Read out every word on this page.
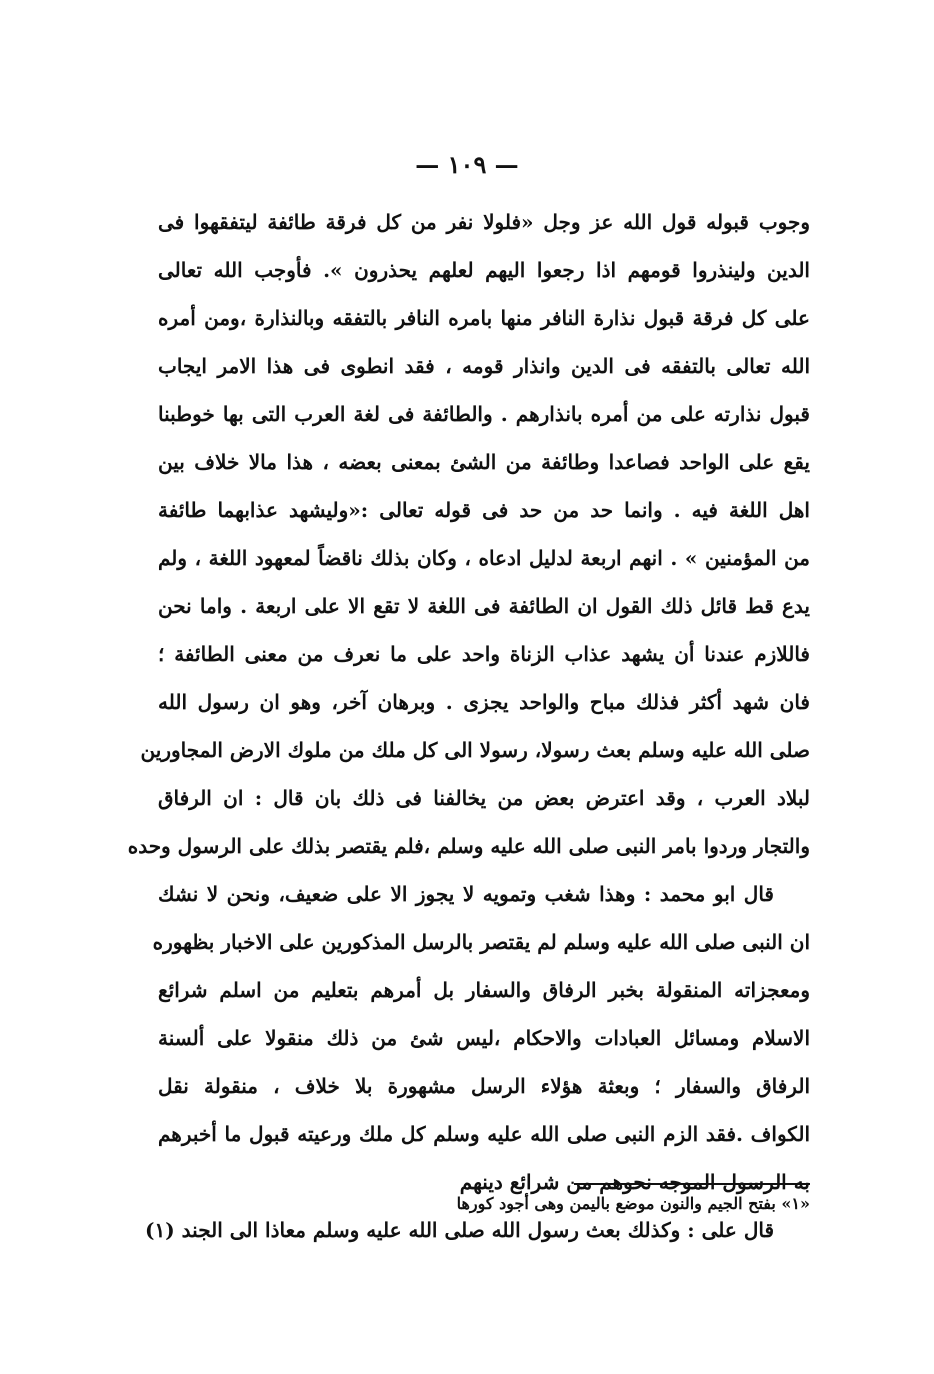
— ١٠٩ —
وجوب قبوله قول الله عز وجل «فلولا نفر من كل فرقة طائفة ليتفقهوا فى
الدين ولينذروا قومهم اذا رجعوا اليهم لعلهم يحذرون ». فأوجب الله تعالى
على كل فرقة قبول نذارة النافر منها بامره النافر بالتفقه وبالنذارة ،ومن أمره
الله تعالى بالتفقه فى الدين وانذار قومه ، فقد انطوى فى هذا الامر ايجاب
قبول نذارته على من أمره بانذارهم . والطائفة فى لغة العرب التى بها خوطبنا
يقع على الواحد فصاعدا وطائفة من الشئ بمعنى بعضه ، هذا مالا خلاف بين
اهل اللغة فيه . وانما حد من حد فى قوله تعالى :«وليشهد عذابهما طائفة
من المؤمنين » . انهم اربعة لدليل ادعاه ، وكان بذلك ناقضاً لمعهود اللغة ، ولم
يدع قط قائل ذلك القول ان الطائفة فى اللغة لا تقع الا على اربعة . واما نحن
فاللازم عندنا أن يشهد عذاب الزناة واحد على ما نعرف من معنى الطائفة ؛
فان شهد أكثر فذلك مباح والواحد يجزى . وبرهان آخر، وهو ان رسول الله
صلى الله عليه وسلم بعث رسولا، رسولا الى كل ملك من ملوك الارض المجاورين
لبلاد العرب ، وقد اعترض بعض من يخالفنا فى ذلك بان قال : ان الرفاق
والتجار وردوا بامر النبى صلى الله عليه وسلم ،فلم يقتصر بذلك على الرسول وحده
قال ابو محمد : وهذا شغب وتمويه لا يجوز الا على ضعيف، ونحن لا نشك
ان النبى صلى الله عليه وسلم لم يقتصر بالرسل المذكورين على الاخبار بظهوره
ومعجزاته المنقولة بخبر الرفاق والسفار بل أمرهم بتعليم من اسلم شرائع
الاسلام ومسائل العبادات والاحكام ،ليس شئ من ذلك منقولا على ألسنة
الرفاق والسفار ؛ وبعثة هؤلاء الرسل مشهورة بلا خلاف ، منقولة نقل
الكواف .فقد الزم النبى صلى الله عليه وسلم كل ملك ورعيته قبول ما أخبرهم
به الرسول الموجه نحوهم من شرائع دينهم
قال على : وكذلك بعث رسول الله صلى الله عليه وسلم معاذا الى الجند (١)
«١» بفتح الجيم والنون موضع باليمن وهى أجود كورها
